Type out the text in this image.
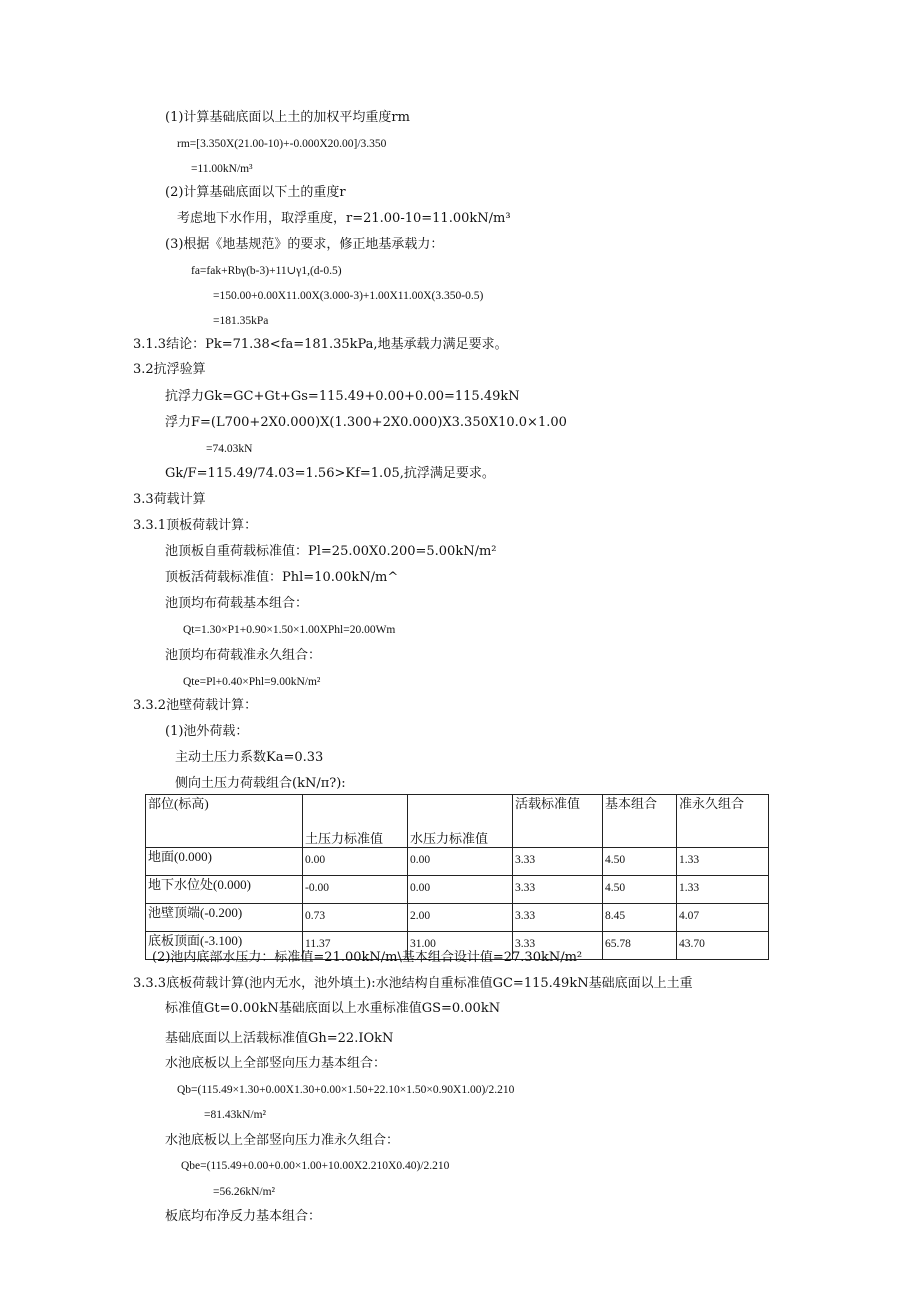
(1)计算基础底面以上土的加权平均重度rm
rm=[3.350X(21.00-10)+-0.000X20.00]/3.350
=11.00kN/m³
(2)计算基础底面以下土的重度r
考虑地下水作用，取浮重度，r=21.00-10=11.00kN/m³
(3)根据《地基规范》的要求，修正地基承载力：
fa=fak+Rbγ(b-3)+11∪γ1,(d-0.5)
=150.00+0.00X11.00X(3.000-3)+1.00X11.00X(3.350-0.5)
=181.35kPa
3.1.3结论：Pk=71.38<fa=181.35kPa,地基承载力满足要求。
3.2抗浮验算
抗浮力Gk=GC+Gt+Gs=115.49+0.00+0.00=115.49kN
浮力F=(L700+2X0.000)X(1.300+2X0.000)X3.350X10.0×1.00
=74.03kN
Gk/F=115.49/74.03=1.56>Kf=1.05,抗浮满足要求。
3.3荷载计算
3.3.1顶板荷载计算：
池顶板自重荷载标准值：Pl=25.00X0.200=5.00kN/m²
顶板活荷载标准值：Phl=10.00kN/m^
池顶均布荷载基本组合：
Qt=1.30×P1+0.90×1.50×1.00XPhl=20.00Wm
池顶均布荷载准永久组合：
Qte=Pl+0.40×Phl=9.00kN/m²
3.3.2池壁荷载计算：
(1)池外荷载：
主动土压力系数Ka=0.33
侧向土压力荷载组合(kN/π?):
部位(标高)	土压力标准值	水压力标准值	活载标准值	基本组合	准永久组合
地面(0.000)	0.00	0.00	3.33	4.50	1.33
地下水位处(0.000)	-0.00	0.00	3.33	4.50	1.33
池壁顶端(-0.200)	0.73	2.00	3.33	8.45	4.07
底板顶面(-3.100)	11.37	31.00	3.33	65.78	43.70
(2)池内底部水压力：标准值=21.00kN/m\基本组合设计值=27.30kN/m²
3.3.3底板荷载计算(池内无水，池外填土):水池结构自重标准值GC=115.49kN基础底面以上土重
标准值Gt=0.00kN基础底面以上水重标准值GS=0.00kN
基础底面以上活载标准值Gh=22.IOkN
水池底板以上全部竖向压力基本组合：
Qb=(115.49×1.30+0.00X1.30+0.00×1.50+22.10×1.50×0.90X1.00)/2.210
=81.43kN/m²
水池底板以上全部竖向压力准永久组合：
Qbe=(115.49+0.00+0.00×1.00+10.00X2.210X0.40)/2.210
=56.26kN/m²
板底均布净反力基本组合：
